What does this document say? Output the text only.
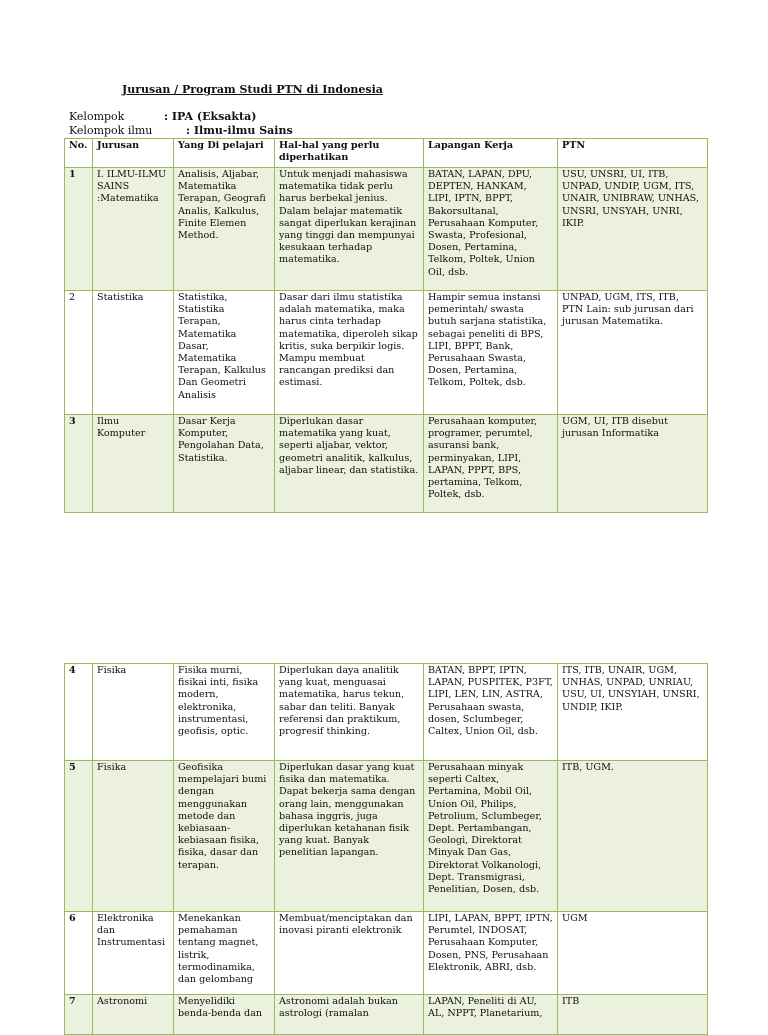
Jurusan / Program Studi PTN di Indonesia
Kelompok	: IPA (Eksakta)
Kelompok ilmu	: Ilmu-ilmu Sains
No.	Jurusan	Yang Di pelajari	Hal-hal yang perlu diperhatikan	Lapangan Kerja	PTN
1	I. ILMU-ILMU SAINS :Matematika	Analisis, Aljabar, Matematika Terapan, Geografi Analis, Kalkulus, Finite Elemen Method.	Untuk menjadi mahasiswa matematika tidak perlu harus berbekal jenius. Dalam belajar matematik sangat diperlukan kerajinan yang tinggi dan mempunyai kesukaan terhadap matematika.	BATAN, LAPAN, DPU, DEPTEN, HANKAM, LIPI, IPTN, BPPT, Bakorsultanal, Perusahaan Komputer, Swasta, Profesional, Dosen, Pertamina, Telkom, Poltek, Union Oil, dsb.	USU, UNSRI, UI, ITB, UNPAD, UNDIP, UGM, ITS, UNAIR, UNIBRAW, UNHAS, UNSRI, UNSYAH, UNRI, IKIP.
2	Statistika	Statistika, Statistika Terapan, Matematika Dasar, Matematika Terapan, Kalkulus Dan Geometri Analisis	Dasar dari ilmu statistika adalah matematika, maka harus cinta terhadap matematika, diperoleh sikap kritis, suka berpikir logis. Mampu membuat rancangan prediksi dan estimasi.	Hampir semua instansi pemerintah/ swasta butuh sarjana statistika, sebagai peneliti di BPS, LIPI, BPPT, Bank, Perusahaan Swasta, Dosen, Pertamina, Telkom, Poltek, dsb.	UNPAD, UGM, ITS, ITB, PTN Lain: sub jurusan dari jurusan Matematika.
3	Ilmu Komputer	Dasar Kerja Komputer, Pengolahan Data, Statistika.	Diperlukan dasar matematika yang kuat, seperti aljabar, vektor, geometri analitik, kalkulus, aljabar linear, dan statistika.	Perusahaan komputer, programer, perumtel, asuransi bank, perminyakan, LIPI, LAPAN, PPPT, BPS, pertamina, Telkom, Poltek, dsb.	UGM, UI, ITB disebut jurusan Informatika
4	Fisika	Fisika murni, fisikai inti, fisika modern, elektronika, instrumentasi, geofisis, optic.	Diperlukan daya analitik yang kuat, menguasai matematika, harus tekun, sabar dan teliti. Banyak referensi dan praktikum, progresif thinking.	BATAN, BPPT, IPTN, LAPAN, PUSPITEK, P3FT, LIPI, LEN, LIN, ASTRA, Perusahaan swasta, dosen, Sclumbeger, Caltex, Union Oil, dsb.	ITS, ITB, UNAIR, UGM, UNHAS, UNPAD, UNRIAU, USU, UI, UNSYIAH, UNSRI, UNDIP, IKIP.
5	Fisika	Geofisika mempelajari bumi dengan menggunakan metode dan kebiasaan-kebiasaan fisika, fisika, dasar dan terapan.	Diperlukan dasar yang kuat fisika dan matematika. Dapat bekerja sama dengan orang lain, menggunakan bahasa inggris, juga diperlukan ketahanan fisik yang kuat. Banyak penelitian lapangan.	Perusahaan minyak seperti Caltex, Pertamina, Mobil Oil, Union Oil, Philips, Petrolium, Sclumbeger, Dept. Pertambangan, Geologi, Direktorat Minyak Dan Gas, Direktorat Volkanologi, Dept. Transmigrasi, Penelitian, Dosen, dsb.	ITB, UGM.
6	Elektronika dan Instrumentasi	Menekankan pemahaman tentang magnet, listrik, termodinamika, dan gelombang	Membuat/menciptakan dan inovasi piranti elektronik	LIPI, LAPAN, BPPT, IPTN, Perumtel, INDOSAT, Perusahaan Komputer, Dosen, PNS, Perusahaan Elektronik, ABRI, dsb.	UGM
7	Astronomi	Menyelidiki benda-benda dan	Astronomi adalah bukan astrologi (ramalan	LAPAN, Peneliti di AU, AL, NPPT, Planetarium,	ITB
